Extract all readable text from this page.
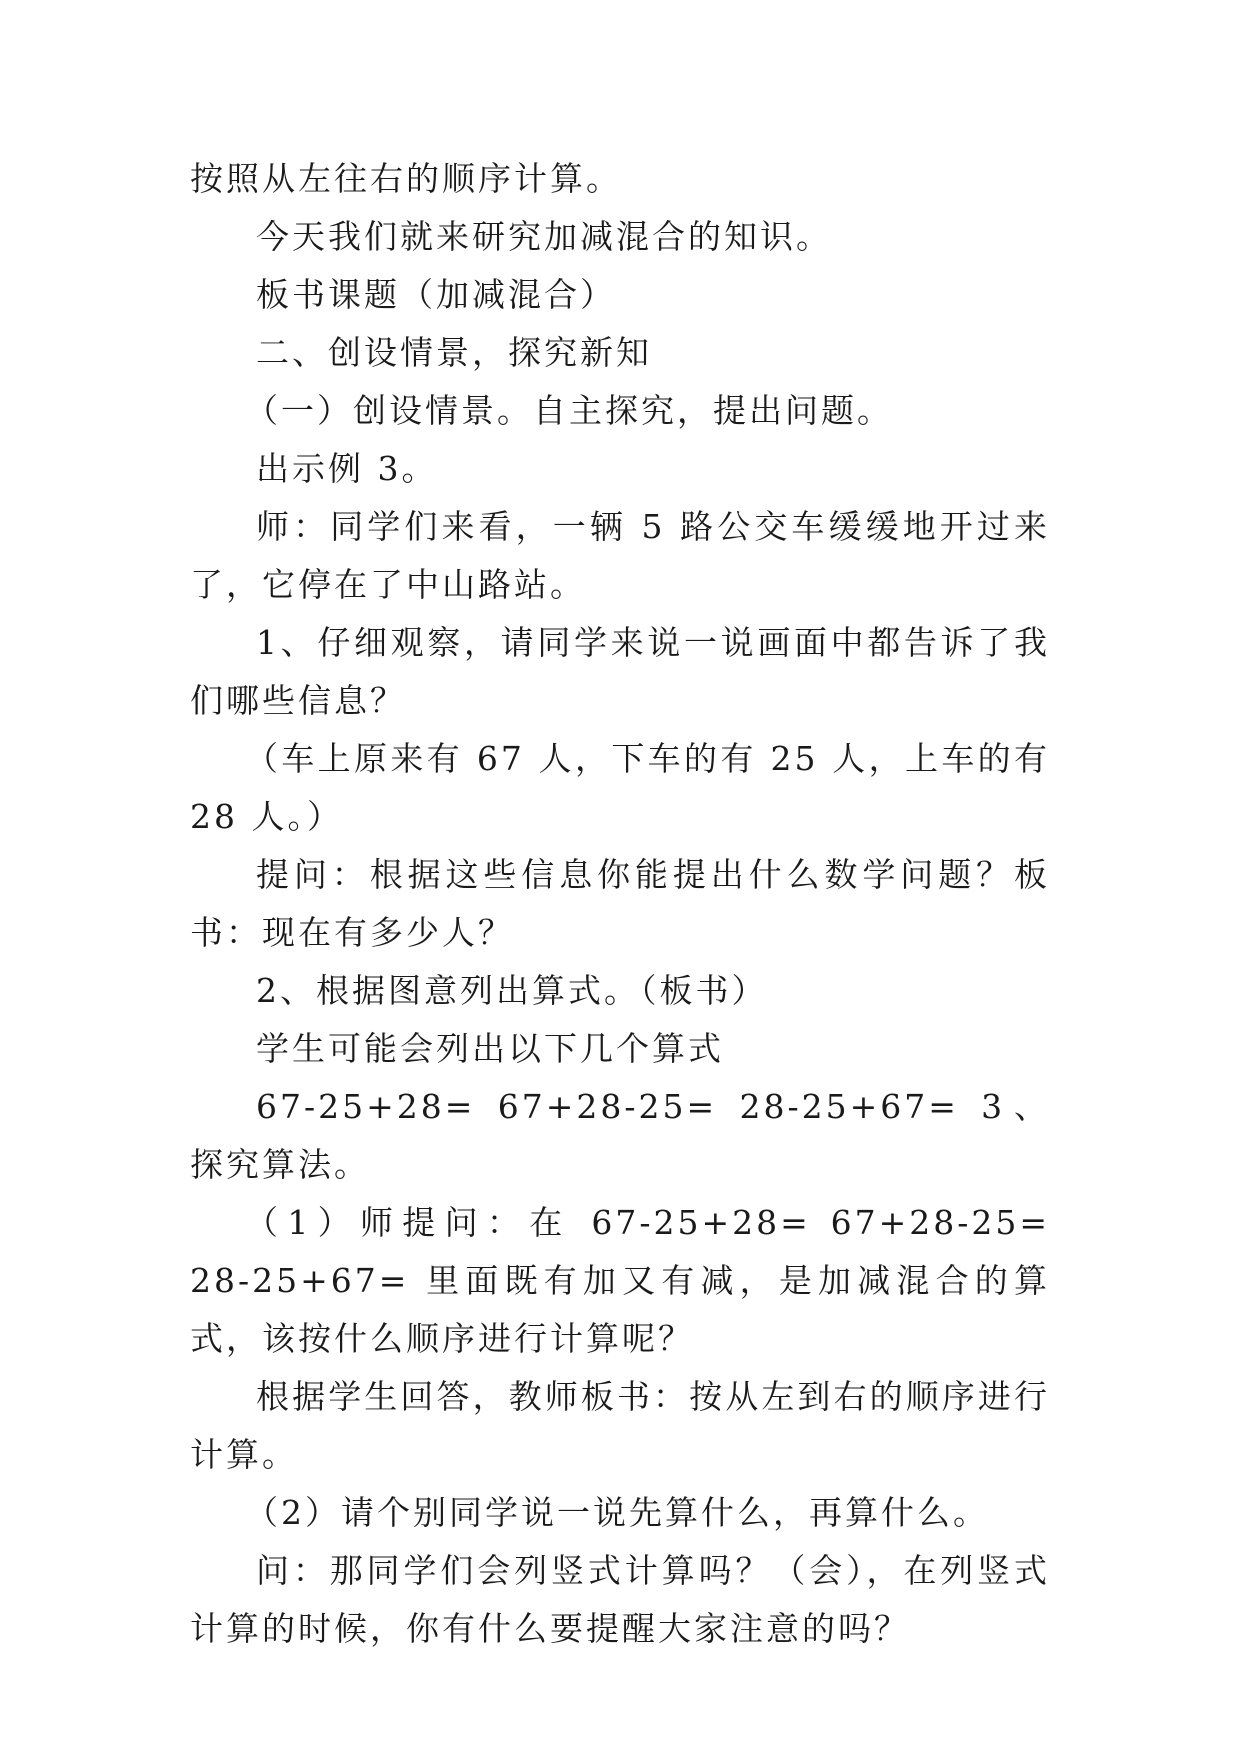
按照从左往右的顺序计算。

今天我们就来研究加减混合的知识。

板书课题（加减混合）

二、创设情景，探究新知

（一）创设情景。自主探究，提出问题。

出示例 3。

师：同学们来看，一辆 5 路公交车缓缓地开过来了，它停在了中山路站。

1、仔细观察，请同学来说一说画面中都告诉了我们哪些信息？

（车上原来有 67 人，下车的有 25 人，上车的有 28 人。）

提问：根据这些信息你能提出什么数学问题？板书：现在有多少人？

2、根据图意列出算式。（板书）

学生可能会列出以下几个算式

67-25+28= 67+28-25= 28-25+67= 3、探究算法。

（1）师提问：在 67-25+28= 67+28-25= 28-25+67= 里面既有加又有减，是加减混合的算式，该按什么顺序进行计算呢？

根据学生回答，教师板书：按从左到右的顺序进行计算。

（2）请个别同学说一说先算什么，再算什么。

问：那同学们会列竖式计算吗？（会），在列竖式计算的时候，你有什么要提醒大家注意的吗？
